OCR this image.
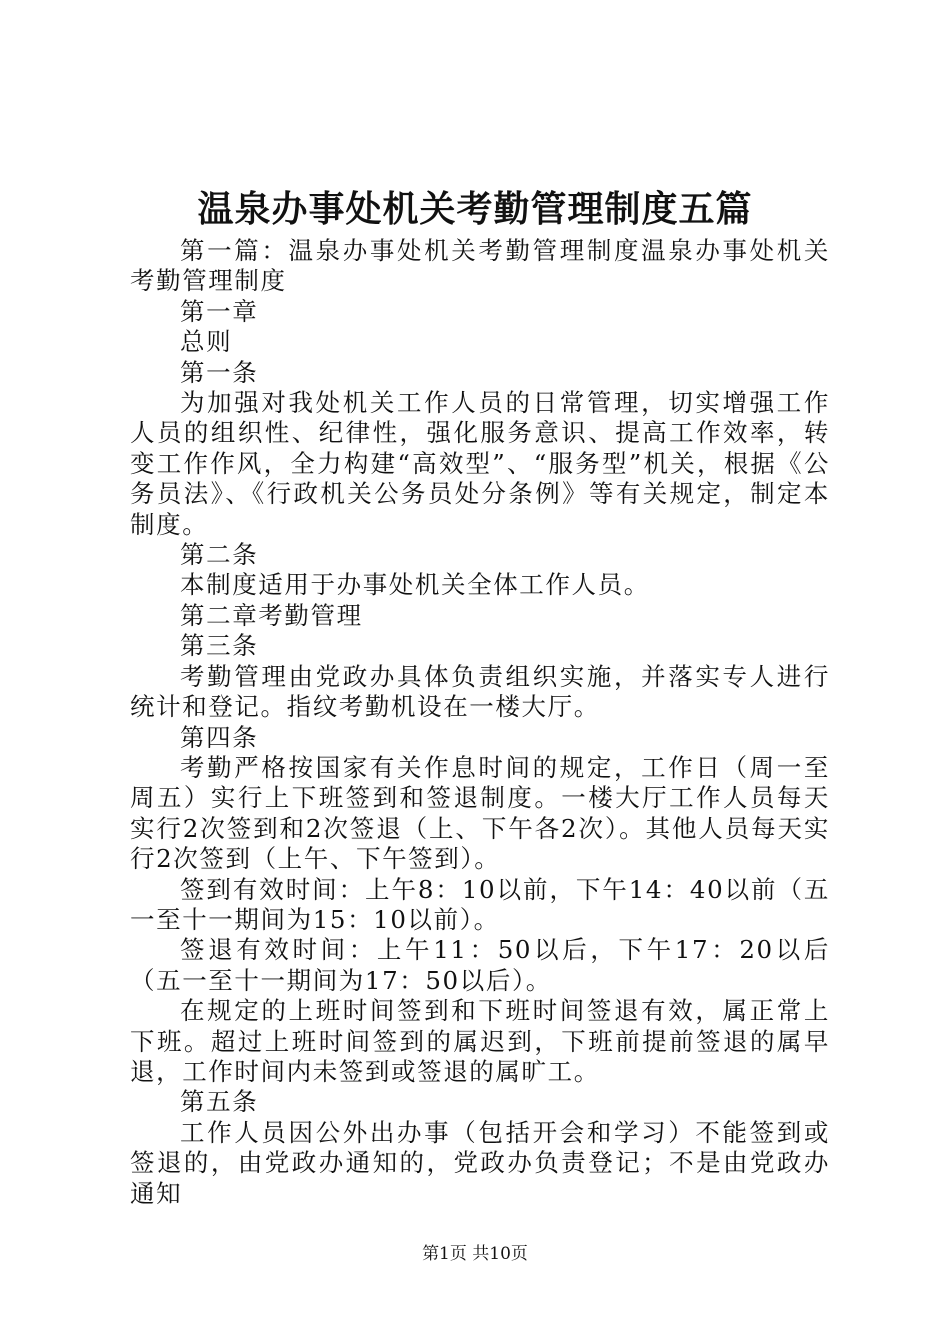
温泉办事处机关考勤管理制度五篇

第一篇：温泉办事处机关考勤管理制度温泉办事处机关考勤管理制度

第一章

总则

第一条

为加强对我处机关工作人员的日常管理，切实增强工作人员的组织性、纪律性，强化服务意识、提高工作效率，转变工作作风，全力构建“高效型”、“服务型”机关，根据《公务员法》、《行政机关公务员处分条例》等有关规定，制定本制度。

第二条

本制度适用于办事处机关全体工作人员。

第二章考勤管理

第三条

考勤管理由党政办具体负责组织实施，并落实专人进行统计和登记。指纹考勤机设在一楼大厅。

第四条

考勤严格按国家有关作息时间的规定，工作日（周一至周五）实行上下班签到和签退制度。一楼大厅工作人员每天实行2次签到和2次签退（上、下午各2次）。其他人员每天实行2次签到（上午、下午签到）。

签到有效时间：上午8：10以前，下午14：40以前（五一至十一期间为15：10以前）。

签退有效时间：上午11：50以后，下午17：20以后（五一至十一期间为17：50以后）。

在规定的上班时间签到和下班时间签退有效，属正常上下班。超过上班时间签到的属迟到，下班前提前签退的属早退，工作时间内未签到或签退的属旷工。

第五条

工作人员因公外出办事（包括开会和学习）不能签到或签退的，由党政办通知的，党政办负责登记；不是由党政办通知

第1页 共10页
